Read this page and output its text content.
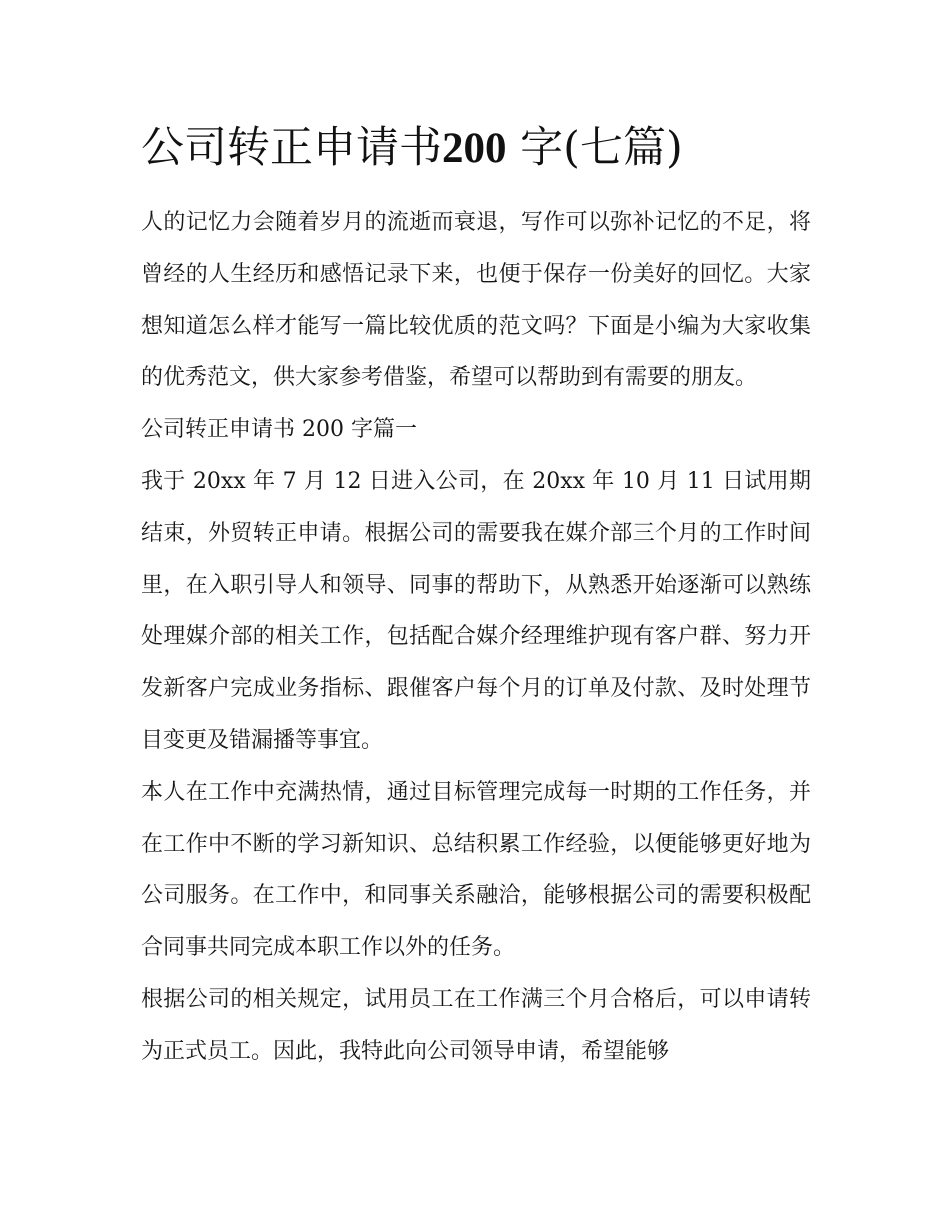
公司转正申请书200 字(七篇)

人的记忆力会随着岁月的流逝而衰退，写作可以弥补记忆的不足，将曾经的人生经历和感悟记录下来，也便于保存一份美好的回忆。大家想知道怎么样才能写一篇比较优质的范文吗？下面是小编为大家收集的优秀范文，供大家参考借鉴，希望可以帮助到有需要的朋友。

公司转正申请书 200 字篇一

我于 20xx 年 7 月 12 日进入公司，在 20xx 年 10 月 11 日试用期结束，外贸转正申请。根据公司的需要我在媒介部三个月的工作时间里，在入职引导人和领导、同事的帮助下，从熟悉开始逐渐可以熟练处理媒介部的相关工作，包括配合媒介经理维护现有客户群、努力开发新客户完成业务指标、跟催客户每个月的订单及付款、及时处理节目变更及错漏播等事宜。

本人在工作中充满热情，通过目标管理完成每一时期的工作任务，并在工作中不断的学习新知识、总结积累工作经验，以便能够更好地为公司服务。在工作中，和同事关系融洽，能够根据公司的需要积极配合同事共同完成本职工作以外的任务。

根据公司的相关规定，试用员工在工作满三个月合格后，可以申请转为正式员工。因此，我特此向公司领导申请，希望能够
